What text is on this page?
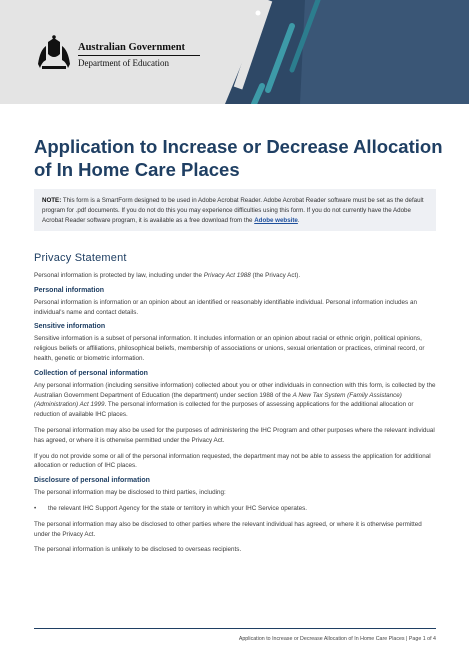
Australian Government
Department of Education
Application to Increase or Decrease Allocation of In Home Care Places
NOTE: This form is a SmartForm designed to be used in Adobe Acrobat Reader. Adobe Acrobat Reader software must be set as the default program for .pdf documents. If you do not do this you may experience difficulties using this form. If you do not currently have the Adobe Acrobat Reader software program, it is available as a free download from the Adobe website.
Privacy Statement
Personal information is protected by law, including under the Privacy Act 1988 (the Privacy Act).
Personal information
Personal information is information or an opinion about an identified or reasonably identifiable individual. Personal information includes an individual's name and contact details.
Sensitive information
Sensitive information is a subset of personal information. It includes information or an opinion about racial or ethnic origin, political opinions, religious beliefs or affiliations, philosophical beliefs, membership of associations or unions, sexual orientation or practices, criminal record, or health, genetic or biometric information.
Collection of personal information
Any personal information (including sensitive information) collected about you or other individuals in connection with this form, is collected by the Australian Government Department of Education (the department) under section 1988 of the A New Tax System (Family Assistance) (Administration) Act 1999. The personal information is collected for the purposes of assessing applications for the additional allocation or reduction of available IHC places.
The personal information may also be used for the purposes of administering the IHC Program and other purposes where the relevant individual has agreed, or where it is otherwise permitted under the Privacy Act.
If you do not provide some or all of the personal information requested, the department may not be able to assess the application for additional allocation or reduction of IHC places.
Disclosure of personal information
The personal information may be disclosed to third parties, including:
• the relevant IHC Support Agency for the state or territory in which your IHC Service operates.
The personal information may also be disclosed to other parties where the relevant individual has agreed, or where it is otherwise permitted under the Privacy Act.
The personal information is unlikely to be disclosed to overseas recipients.
Application to Increase or Decrease Allocation of In Home Care Places | Page 1 of 4
